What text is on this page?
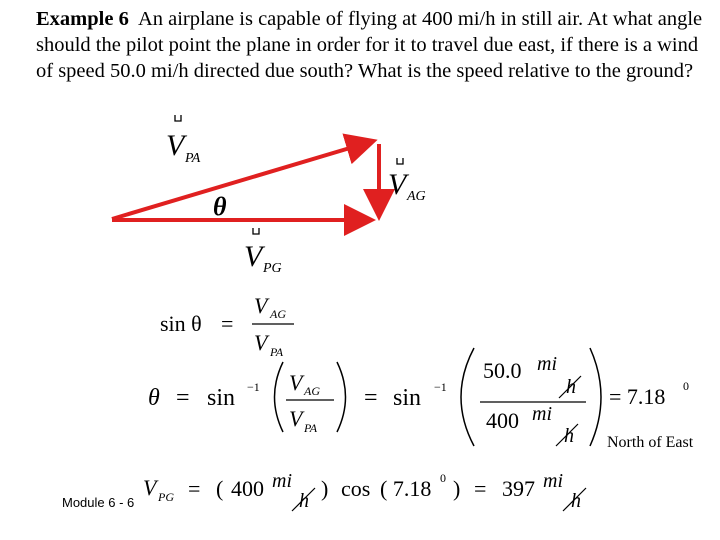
Example 6 An airplane is capable of flying at 400 mi/h in still air. At what angle should the pilot point the plane in order for it to travel due east, if there is a wind of speed 50.0 mi/h directed due south? What is the speed relative to the ground?
V PA
V AG
V PG
θ
sin θ =
V AG
V PA
θ = sin −1 V AG
V PA
= sin −1
50.0 mi
h
400 mi
h
= 7.18 0
V PG = ( 400 mi
h ) cos ( 7.18 0 ) = 397 mi
h
North of East
Module 6 - 6
